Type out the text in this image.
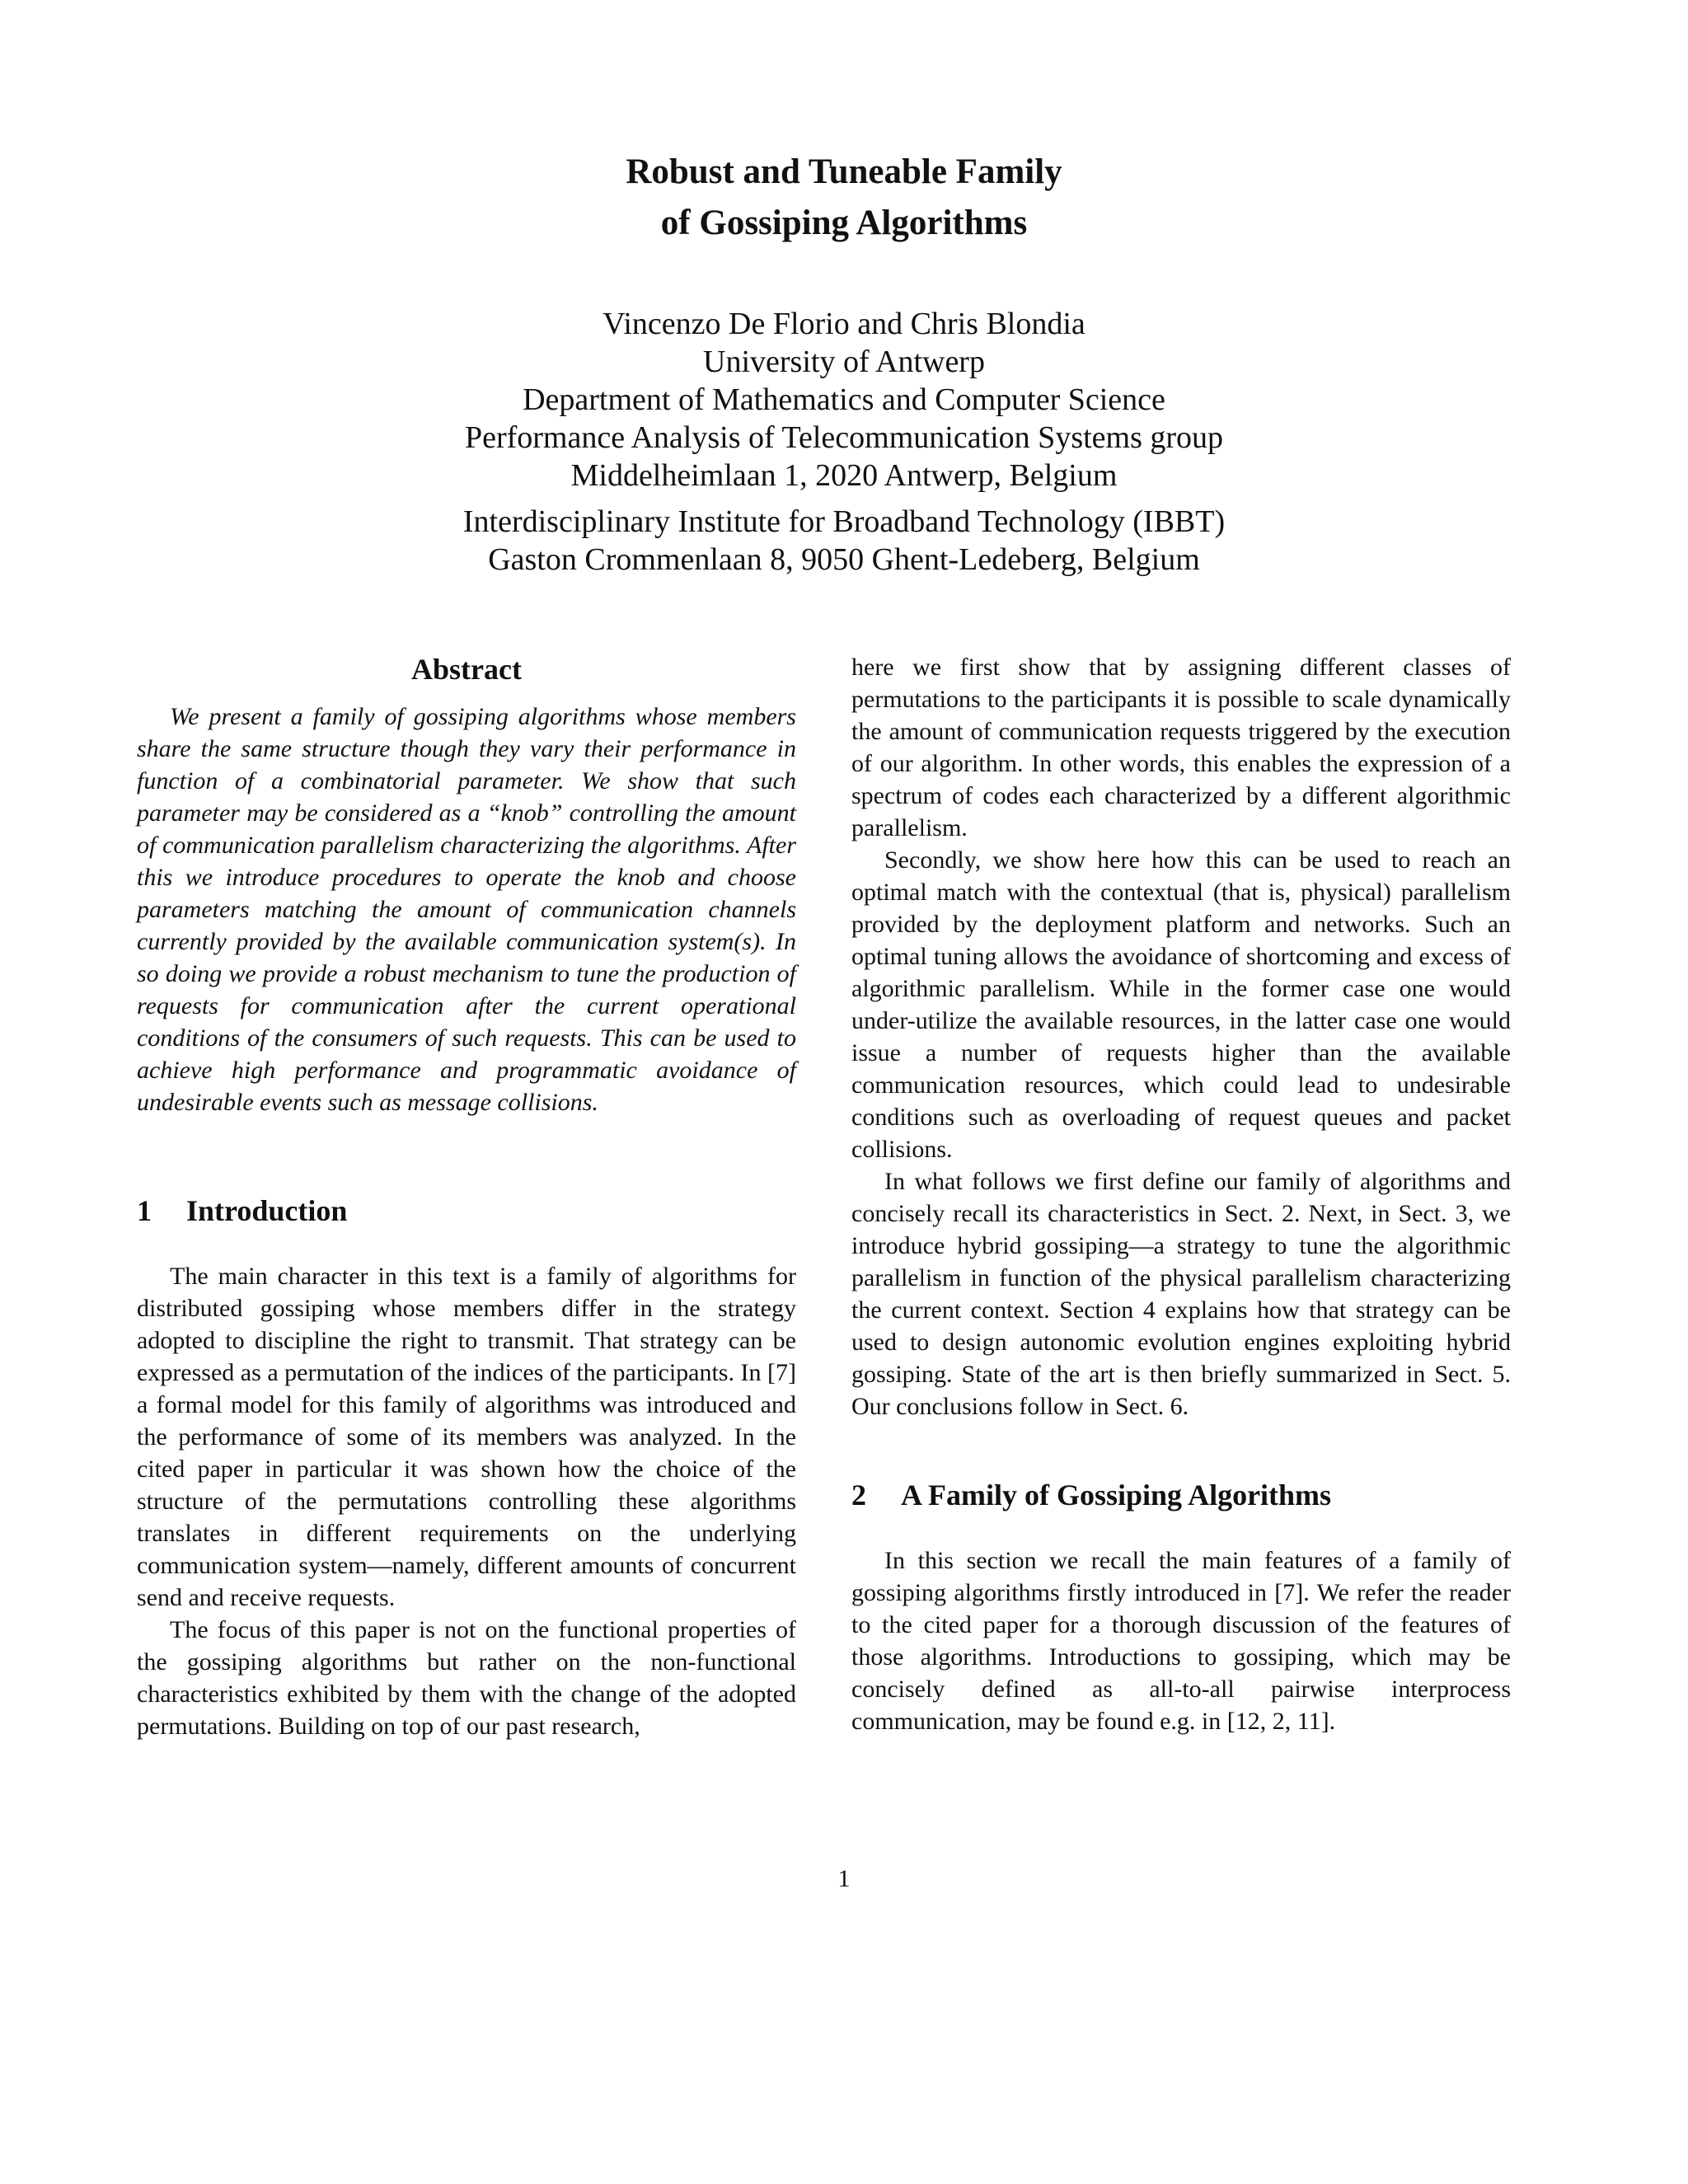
Robust and Tuneable Family
of Gossiping Algorithms
Vincenzo De Florio and Chris Blondia
University of Antwerp
Department of Mathematics and Computer Science
Performance Analysis of Telecommunication Systems group
Middelheimlaan 1, 2020 Antwerp, Belgium
Interdisciplinary Institute for Broadband Technology (IBBT)
Gaston Crommenlaan 8, 9050 Ghent-Ledeberg, Belgium
Abstract

We present a family of gossiping algorithms whose members share the same structure though they vary their performance in function of a combinatorial parameter. We show that such parameter may be considered as a “knob” controlling the amount of communication parallelism characterizing the algorithms. After this we introduce procedures to operate the knob and choose parameters matching the amount of communication channels currently provided by the available communication system(s). In so doing we provide a robust mechanism to tune the production of requests for communication after the current operational conditions of the consumers of such requests. This can be used to achieve high performance and programmatic avoidance of undesirable events such as message collisions.

1	Introduction

The main character in this text is a family of algorithms for distributed gossiping whose members differ in the strategy adopted to discipline the right to transmit. That strategy can be expressed as a permutation of the indices of the participants. In [7] a formal model for this family of algorithms was introduced and the performance of some of its members was analyzed. In the cited paper in particular it was shown how the choice of the structure of the permutations controlling these algorithms translates in different requirements on the underlying communication system—namely, different amounts of concurrent send and receive requests.

The focus of this paper is not on the functional properties of the gossiping algorithms but rather on the non-functional characteristics exhibited by them with the change of the adopted permutations. Building on top of our past research,

here we first show that by assigning different classes of permutations to the participants it is possible to scale dynamically the amount of communication requests triggered by the execution of our algorithm. In other words, this enables the expression of a spectrum of codes each characterized by a different algorithmic parallelism.

Secondly, we show here how this can be used to reach an optimal match with the contextual (that is, physical) parallelism provided by the deployment platform and networks. Such an optimal tuning allows the avoidance of shortcoming and excess of algorithmic parallelism. While in the former case one would under-utilize the available resources, in the latter case one would issue a number of requests higher than the available communication resources, which could lead to undesirable conditions such as overloading of request queues and packet collisions.

In what follows we first define our family of algorithms and concisely recall its characteristics in Sect. 2. Next, in Sect. 3, we introduce hybrid gossiping—a strategy to tune the algorithmic parallelism in function of the physical parallelism characterizing the current context. Section 4 explains how that strategy can be used to design autonomic evolution engines exploiting hybrid gossiping. State of the art is then briefly summarized in Sect. 5. Our conclusions follow in Sect. 6.

2	A Family of Gossiping Algorithms

In this section we recall the main features of a family of gossiping algorithms firstly introduced in [7]. We refer the reader to the cited paper for a thorough discussion of the features of those algorithms. Introductions to gossiping, which may be concisely defined as all-to-all pairwise interprocess communication, may be found e.g. in [12, 2, 11].

1
